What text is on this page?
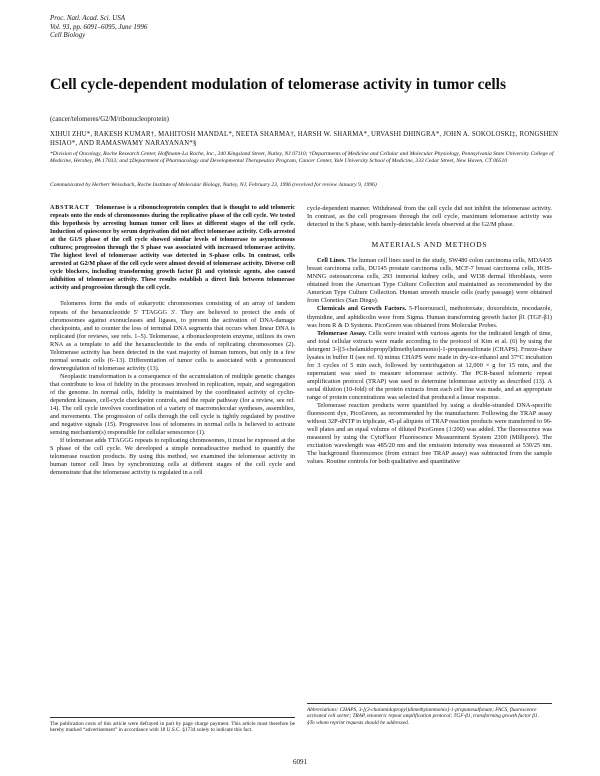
Proc. Natl. Acad. Sci. USA
Vol. 93, pp. 6091–6095, June 1996
Cell Biology
Cell cycle-dependent modulation of telomerase activity in tumor cells
(cancer/telomeres/G2/M/ribonucleoprotein)
XIHUI ZHU*, RAKESH KUMAR†, MAHITOSH MANDAL*, NEETA SHARMA†, HARSH W. SHARMA*, URVASHI DHINGRA*, JOHN A. SOKOLOSKI‡, RONGSHEN HSIAO*, AND RAMASWAMY NARAYANAN*§
*Division of Oncology, Roche Research Center, Hoffmann-La Roche, Inc., 340 Kingsland Street, Nutley, NJ 07110; †Departments of Medicine and Cellular and Molecular Physiology, Pennsylvania State University College of Medicine, Hershey, PA 17033; and ‡Department of Pharmacology and Developmental Therapeutics Program, Cancer Center, Yale University School of Medicine, 333 Cedar Street, New Haven, CT 06510
Communicated by Herbert Weissbach, Roche Institute of Molecular Biology, Nutley, NJ, February 23, 1996 (received for review January 9, 1996)
ABSTRACT Telomerase is a ribonucleoprotein complex that is thought to add telomeric repeats onto the ends of chromosomes during the replicative phase of the cell cycle. We tested this hypothesis by arresting human tumor cell lines at different stages of the cell cycle. Induction of quiescence by serum deprivation did not affect telomerase activity. Cells arrested at the G1/S phase of the cell cycle showed similar levels of telomerase to asynchronous cultures; progression through the S phase was associated with increased telomerase activity. The highest level of telomerase activity was detected in S-phase cells. In contrast, cells arrested at G2/M phase of the cell cycle were almost devoid of telomerase activity. Diverse cell cycle blockers, including transforming growth factor β1 and cytotoxic agents, also caused inhibition of telomerase activity. These results establish a direct link between telomerase activity and progression through the cell cycle.

Telomeres form the ends of eukaryotic chromosomes consisting of an array of tandem repeats of the hexanucleotide 5′ TTAGGG 3′. They are believed to protect the ends of chromosomes against exonucleases and ligases, to prevent the activation of DNA-damage checkpoints, and to counter the loss of terminal DNA segments that occurs when linear DNA is replicated (for reviews, see refs. 1–5). Telomerase, a ribonucleoprotein enzyme, utilizes its own RNA as a template to add the hexanucleotide to the ends of replicating chromosomes (2). Telomerase activity has been detected in the vast majority of human tumors, but only in a few normal somatic cells (6–13). Differentiation of tumor cells is associated with a pronounced downregulation of telomerase activity (13).

Neoplastic transformation is a consequence of the accumulation of multiple genetic changes that contribute to loss of fidelity in the processes involved in replication, repair, and segregation of the genome. In normal cells, fidelity is maintained by the coordinated activity of cyclin-dependent kinases, cell-cycle checkpoint controls, and the repair pathway (for a review, see ref. 14). The cell cycle involves coordination of a variety of macromolecular syntheses, assemblies, and movements. The progression of cells through the cell cycle is tightly regulated by positive and negative signals (15). Progressive loss of telomeres in normal cells is believed to activate sensing mechanism(s) responsible for cellular senescence (1).

If telomerase adds TTAGGG repeats to replicating chromosomes, it must be expressed at the S phase of the cell cycle. We developed a simple nonradioactive method to quantify the telomerase reaction products. By using this method, we examined the telomerase activity in human tumor cell lines by synchronizing cells at different stages of the cell cycle and demonstrate that the telomerase activity is regulated in a cell

cycle-dependent manner. Withdrawal from the cell cycle did not inhibit the telomerase activity. In contrast, as the cell progresses through the cell cycle, maximum telomerase activity was detected in the S phase, with barely-detectable levels observed at the G2/M phase.

MATERIALS AND METHODS

Cell Lines. The human cell lines used in the study, SW480 colon carcinoma cells, MDA435 breast carcinoma cells, DU145 prostate carcinoma cells, MCF-7 breast carcinoma cells, HOS-MNNG osteosarcoma cells, 293 immortal kidney cells, and WI38 dermal fibroblasts, were obtained from the American Type Culture Collection and maintained as recommended by the American Type Culture Collection. Human smooth muscle cells (early passage) were obtained from Clonetics (San Diego).

Chemicals and Growth Factors. 5-Fluorouracil, methotrexate, doxorubicin, nocodazole, thymidine, and aphidicolin were from Sigma. Human transforming growth factor β1 (TGF-β1) was from R & D Systems. PicoGreen was obtained from Molecular Probes.

Telomerase Assay. Cells were treated with various agents for the indicated length of time, and total cellular extracts were made according to the protocol of Kim et al. (6) by using the detergent 3-[(3-cholamidopropyl)dimethylammonio]-1-propanesulfonate (CHAPS). Freeze-thaw lysates in buffer II (see ref. 6) minus CHAPS were made in dry-ice-ethanol and 37°C incubation for 3 cycles of 5 min each, followed by centrifugation at 12,000 × g for 15 min, and the supernatant was used to measure telomerase activity. The PCR-based telomeric repeat amplification protocol (TRAP) was used to determine telomerase activity as described (13). A serial dilution (10-fold) of the protein extracts from each cell line was made, and an appropriate range of protein concentrations was selected that produced a linear response.

Telomerase reaction products were quantified by using a double-stranded DNA-specific fluorescent dye, PicoGreen, as recommended by the manufacturer. Following the TRAP assay without 32P-dNTP in triplicate, 45-μl aliquots of TRAP reaction products were transferred to 96-well plates and an equal volume of diluted PicoGreen (1:200) was added. The fluorescence was measured by using the CytoFluor Fluorescence Measurement System 2300 (Millipore). The excitation wavelength was 485/20 nm and the emission intensity was measured at 530/25 nm. The background fluorescence (from extract free TRAP assay) was subtracted from the sample values. Routine controls for both qualitative and quantitative

The publication costs of this article were defrayed in part by page charge payment. This article must therefore be hereby marked “advertisement” in accordance with 18 U.S.C. §1734 solely to indicate this fact.
Abbreviations: CHAPS, 3-[(3-cholamidopropyl)dimethylammonio]-1-propanesulfonate; FACS, fluorescence activated cell sorter; TRAP, telomeric repeat amplification protocol; TGF-β1, transforming growth factor β1.
§To whom reprint requests should be addressed.
6091
